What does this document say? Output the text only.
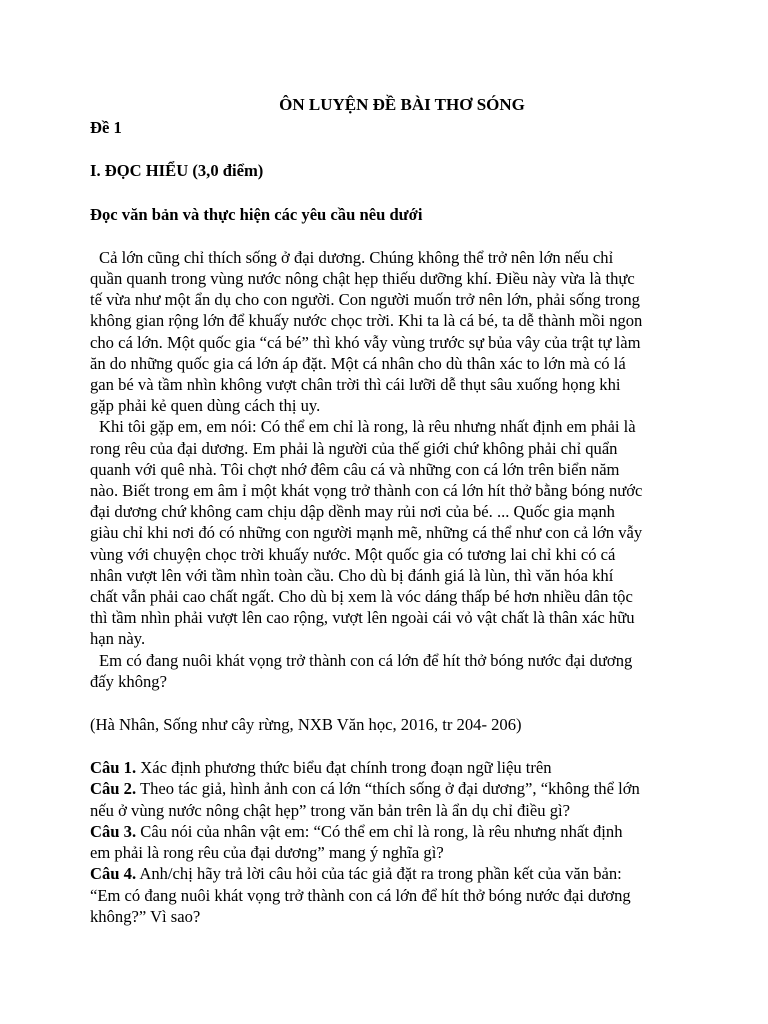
ÔN LUYỆN ĐỀ BÀI THƠ SÓNG

Đề 1

I. ĐỌC HIỂU (3,0 điểm)

Đọc văn bản và thực hiện các yêu cầu nêu dưới

Cả lớn cũng chỉ thích sống ở đại dương. Chúng không thể trở nên lớn nếu chỉ
quần quanh trong vùng nước nông chật hẹp thiếu dưỡng khí. Điều này vừa là thực
tế vừa như một ẩn dụ cho con người. Con người muốn trở nên lớn, phải sống trong
không gian rộng lớn để khuấy nước chọc trời. Khi ta là cá bé, ta dễ thành mồi ngon
cho cá lớn. Một quốc gia “cá bé” thì khó vẫy vùng trước sự bủa vây của trật tự làm
ăn do những quốc gia cá lớn áp đặt. Một cá nhân cho dù thân xác to lớn mà có lá
gan bé và tầm nhìn không vượt chân trời thì cái lưỡi dễ thụt sâu xuống họng khi
gặp phải kẻ quen dùng cách thị uy.
Khi tôi gặp em, em nói: Có thể em chỉ là rong, là rêu nhưng nhất định em phải là
rong rêu của đại dương. Em phải là người của thế giới chứ không phải chỉ quẩn
quanh với quê nhà. Tôi chợt nhớ đêm câu cá và những con cá lớn trên biển năm
nào. Biết trong em âm ỉ một khát vọng trở thành con cá lớn hít thở bằng bóng nước
đại dương chứ không cam chịu dập dềnh may rủi nơi của bé. ... Quốc gia mạnh
giàu chỉ khi nơi đó có những con người mạnh mẽ, những cá thể như con cả lớn vẫy
vùng với chuyện chọc trời khuấy nước. Một quốc gia có tương lai chỉ khi có cá
nhân vượt lên với tầm nhìn toàn cầu. Cho dù bị đánh giá là lùn, thì văn hóa khí
chất vẫn phải cao chất ngất. Cho dù bị xem là vóc dáng thấp bé hơn nhiều dân tộc
thì tầm nhìn phải vượt lên cao rộng, vượt lên ngoài cái vỏ vật chất là thân xác hữu
hạn này.
Em có đang nuôi khát vọng trở thành con cá lớn để hít thở bóng nước đại dương
đấy không?

(Hà Nhân, Sống như cây rừng, NXB Văn học, 2016, tr 204- 206)

Câu 1. Xác định phương thức biểu đạt chính trong đoạn ngữ liệu trên
Câu 2. Theo tác giả, hình ảnh con cá lớn “thích sống ở đại dương”, “không thể lớn
nếu ở vùng nước nông chật hẹp” trong văn bản trên là ẩn dụ chỉ điều gì?
Câu 3. Câu nói của nhân vật em: “Có thể em chỉ là rong, là rêu nhưng nhất định
em phải là rong rêu của đại dương” mang ý nghĩa gì?
Câu 4. Anh/chị hãy trả lời câu hỏi của tác giả đặt ra trong phần kết của văn bản:
“Em có đang nuôi khát vọng trở thành con cá lớn để hít thở bóng nước đại dương
không?” Vì sao?
